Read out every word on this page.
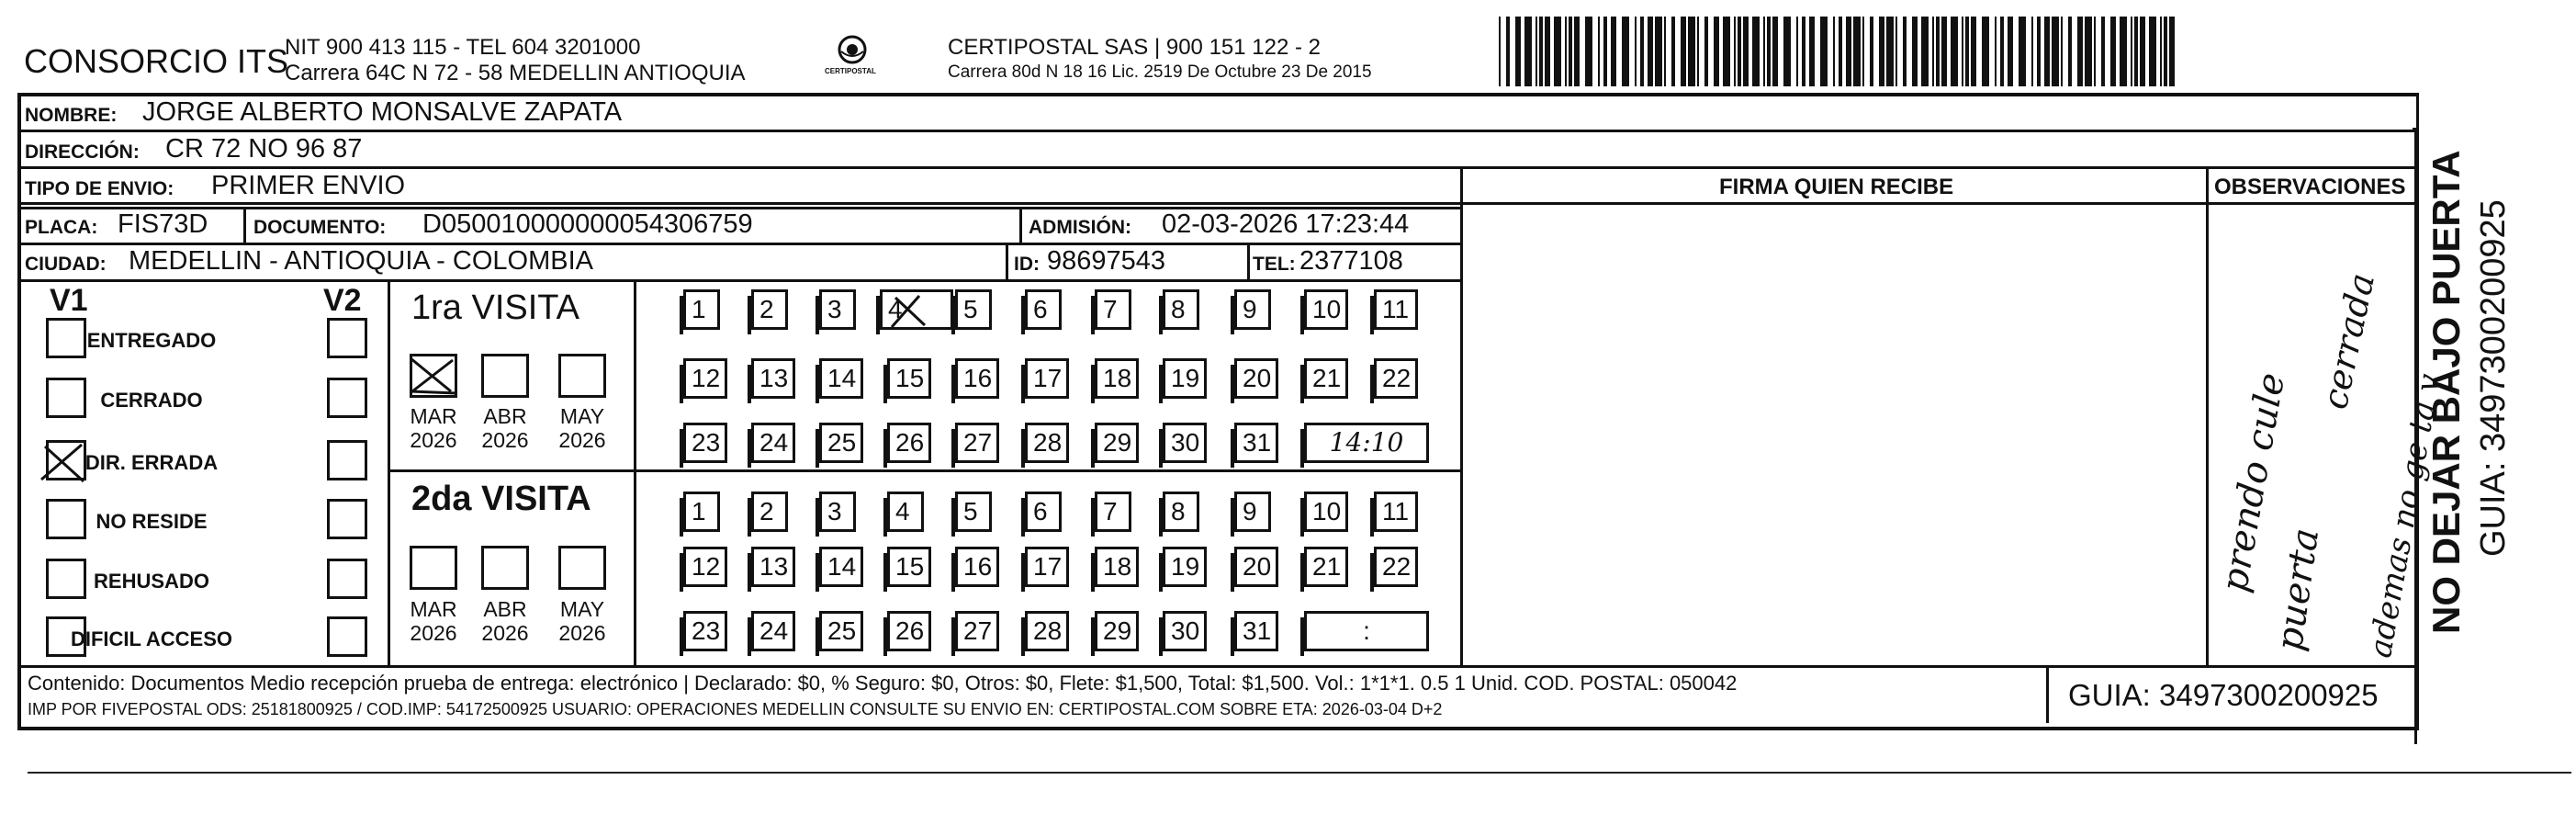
CONSORCIO ITS
NIT 900 413 115 - TEL 604 3201000
Carrera 64C N 72 - 58 MEDELLIN ANTIOQUIA	CERTIPOSTAL
CERTIPOSTAL SAS | 900 151 122 - 2
Carrera 80d N 18 16 Lic. 2519 De Octubre 23 De 2015
NOMBRE: JORGE ALBERTO MONSALVE ZAPATA
DIRECCIÓN: CR 72 NO 96 87
TIPO DE ENVIO: PRIMER ENVIO	FIRMA QUIEN RECIBE	OBSERVACIONES
PLACA: FIS73D DOCUMENTO: D050010000000054306759	ADMISIÓN: 02-03-2026 17:23:44
CIUDAD: MEDELLIN - ANTIOQUIA - COLOMBIA	ID: 98697543	TEL: 2377108
V1	V2
ENTREGADO
CERRADO
DIR. ERRADA
NO RESIDE
REHUSADO
DIFICIL ACCESO
1ra VISITA
2da VISITA
MAR
2026
ABR
2026
MAY
2026
MAR
2026
ABR
2026
MAY
2026
1	2	3	4	5	6	7	8	9	10	11
12	13	14	15	16	17	18	19	20	21	22
23	24	25	26	27	28	29	30	31	14:10
1	2	3	4	5	6	7	8	9	10	11
12	13	14	15	16	17	18	19	20	21	22
23	24	25	26	27	28	29	30	31	:
prendo cule
puerta
cerrada
ademas no ge ta v
Contenido: Documentos Medio recepción prueba de entrega: electrónico | Declarado: $0, % Seguro: $0, Otros: $0, Flete: $1,500, Total: $1,500. Vol.: 1*1*1. 0.5 1 Unid. COD. POSTAL: 050042
IMP POR FIVEPOSTAL ODS: 25181800925 / COD.IMP: 54172500925 USUARIO: OPERACIONES MEDELLIN CONSULTE SU ENVIO EN: CERTIPOSTAL.COM SOBRE ETA: 2026-03-04 D+2	GUIA: 3497300200925
NO DEJAR BAJO PUERTA GUIA: 3497300200925
